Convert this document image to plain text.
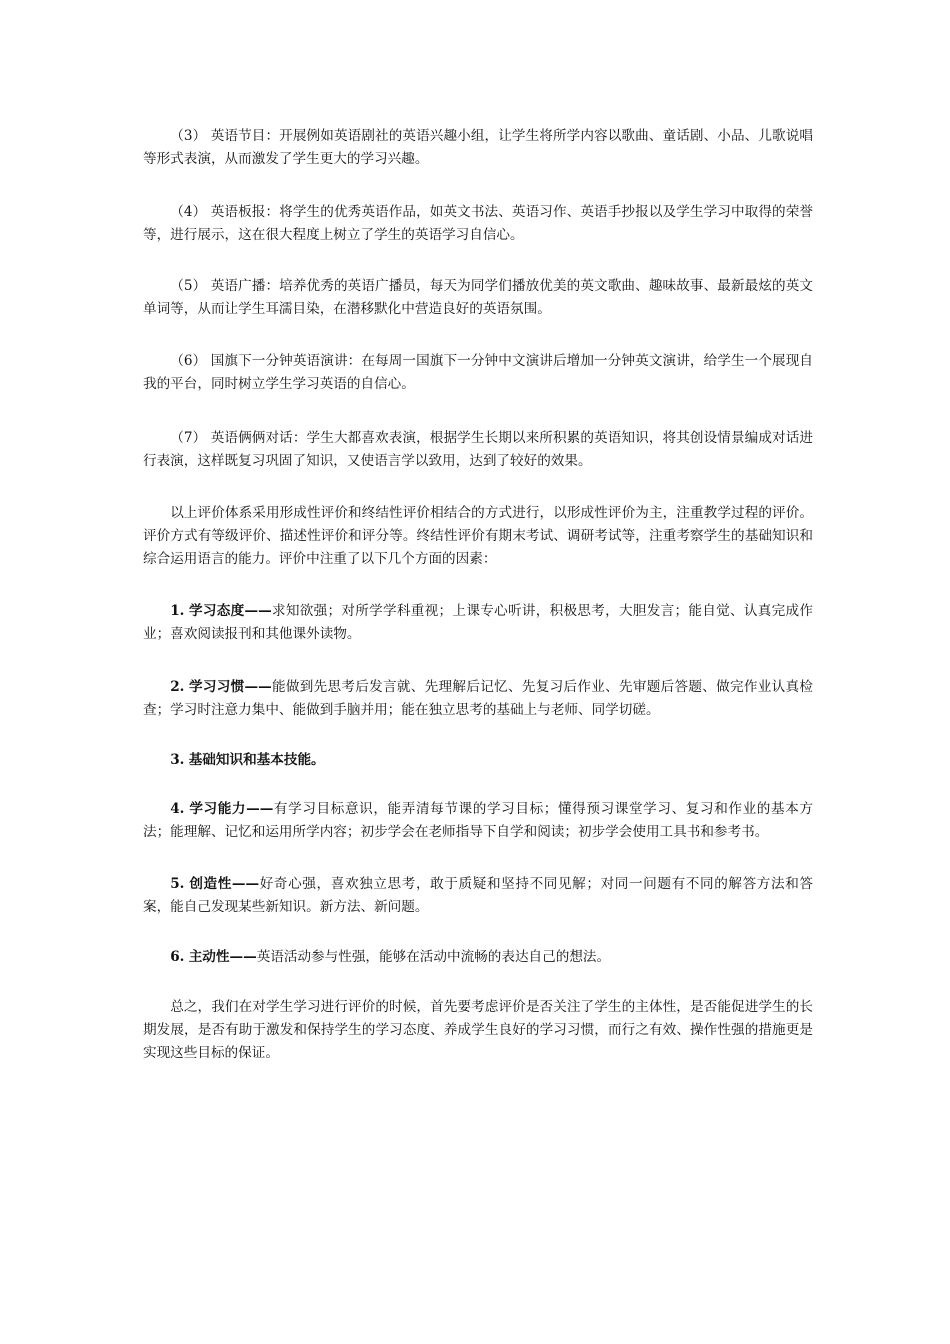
（3） 英语节目：开展例如英语剧社的英语兴趣小组，让学生将所学内容以歌曲、童话剧、小品、儿歌说唱等形式表演，从而激发了学生更大的学习兴趣。

（4） 英语板报：将学生的优秀英语作品，如英文书法、英语习作、英语手抄报以及学生学习中取得的荣誉等，进行展示，这在很大程度上树立了学生的英语学习自信心。

（5） 英语广播：培养优秀的英语广播员，每天为同学们播放优美的英文歌曲、趣味故事、最新最炫的英文单词等，从而让学生耳濡目染，在潜移默化中营造良好的英语氛围。

（6） 国旗下一分钟英语演讲：在每周一国旗下一分钟中文演讲后增加一分钟英文演讲，给学生一个展现自我的平台，同时树立学生学习英语的自信心。

（7） 英语俩俩对话：学生大都喜欢表演，根据学生长期以来所积累的英语知识，将其创设情景编成对话进行表演，这样既复习巩固了知识，又使语言学以致用，达到了较好的效果。

以上评价体系采用形成性评价和终结性评价相结合的方式进行，以形成性评价为主，注重教学过程的评价。评价方式有等级评价、描述性评价和评分等。终结性评价有期末考试、调研考试等，注重考察学生的基础知识和综合运用语言的能力。评价中注重了以下几个方面的因素：

1. 学习态度——求知欲强；对所学学科重视；上课专心听讲，积极思考，大胆发言；能自觉、认真完成作业；喜欢阅读报刊和其他课外读物。

2. 学习习惯——能做到先思考后发言就、先理解后记忆、先复习后作业、先审题后答题、做完作业认真检查；学习时注意力集中、能做到手脑并用；能在独立思考的基础上与老师、同学切磋。

3. 基础知识和基本技能。

4. 学习能力——有学习目标意识，能弄清每节课的学习目标；懂得预习课堂学习、复习和作业的基本方法；能理解、记忆和运用所学内容；初步学会在老师指导下自学和阅读；初步学会使用工具书和参考书。

5. 创造性——好奇心强，喜欢独立思考，敢于质疑和坚持不同见解；对同一问题有不同的解答方法和答案，能自己发现某些新知识。新方法、新问题。

6. 主动性——英语活动参与性强，能够在活动中流畅的表达自己的想法。

总之，我们在对学生学习进行评价的时候，首先要考虑评价是否关注了学生的主体性，是否能促进学生的长期发展，是否有助于激发和保持学生的学习态度、养成学生良好的学习习惯，而行之有效、操作性强的措施更是实现这些目标的保证。
